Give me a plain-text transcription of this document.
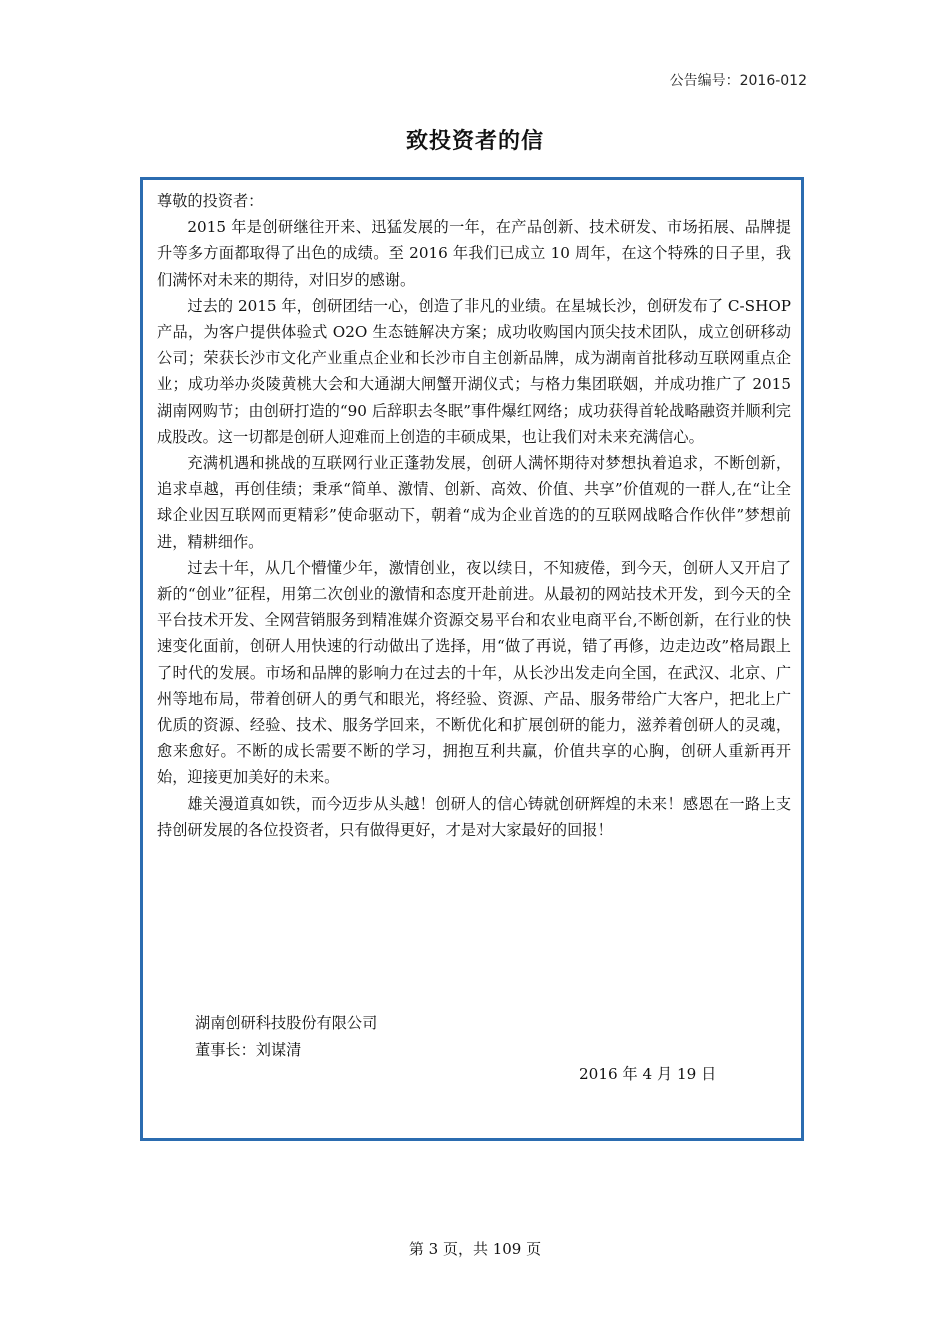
公告编号：2016-012
致投资者的信

尊敬的投资者：

2015 年是创研继往开来、迅猛发展的一年，在产品创新、技术研发、市场拓展、品牌提升等多方面都取得了出色的成绩。至 2016 年我们已成立 10 周年，在这个特殊的日子里，我们满怀对未来的期待，对旧岁的感谢。

过去的 2015 年，创研团结一心，创造了非凡的业绩。在星城长沙，创研发布了 C-SHOP 产品，为客户提供体验式 O2O 生态链解决方案；成功收购国内顶尖技术团队，成立创研移动公司；荣获长沙市文化产业重点企业和长沙市自主创新品牌，成为湖南首批移动互联网重点企业；成功举办炎陵黄桃大会和大通湖大闸蟹开湖仪式；与格力集团联姻，并成功推广了 2015 湖南网购节；由创研打造的“90 后辞职去冬眠”事件爆红网络；成功获得首轮战略融资并顺利完成股改。这一切都是创研人迎难而上创造的丰硕成果，也让我们对未来充满信心。

充满机遇和挑战的互联网行业正蓬勃发展，创研人满怀期待对梦想执着追求，不断创新，追求卓越，再创佳绩；秉承“简单、激情、创新、高效、价值、共享”价值观的一群人,在“让全球企业因互联网而更精彩”使命驱动下，朝着“成为企业首选的的互联网战略合作伙伴”梦想前进，精耕细作。

过去十年，从几个懵懂少年，激情创业，夜以续日，不知疲倦，到今天，创研人又开启了新的“创业”征程，用第二次创业的激情和态度开赴前进。从最初的网站技术开发，到今天的全平台技术开发、全网营销服务到精准媒介资源交易平台和农业电商平台,不断创新，在行业的快速变化面前，创研人用快速的行动做出了选择，用“做了再说，错了再修，边走边改”格局跟上了时代的发展。市场和品牌的影响力在过去的十年，从长沙出发走向全国，在武汉、北京、广州等地布局，带着创研人的勇气和眼光，将经验、资源、产品、服务带给广大客户，把北上广优质的资源、经验、技术、服务学回来，不断优化和扩展创研的能力，滋养着创研人的灵魂，愈来愈好。不断的成长需要不断的学习，拥抱互利共赢，价值共享的心胸，创研人重新再开始，迎接更加美好的未来。

雄关漫道真如铁，而今迈步从头越！创研人的信心铸就创研辉煌的未来！感恩在一路上支持创研发展的各位投资者，只有做得更好，才是对大家最好的回报！

湖南创研科技股份有限公司
董事长：刘谋清
2016 年 4 月 19 日
第 3 页，共 109 页
